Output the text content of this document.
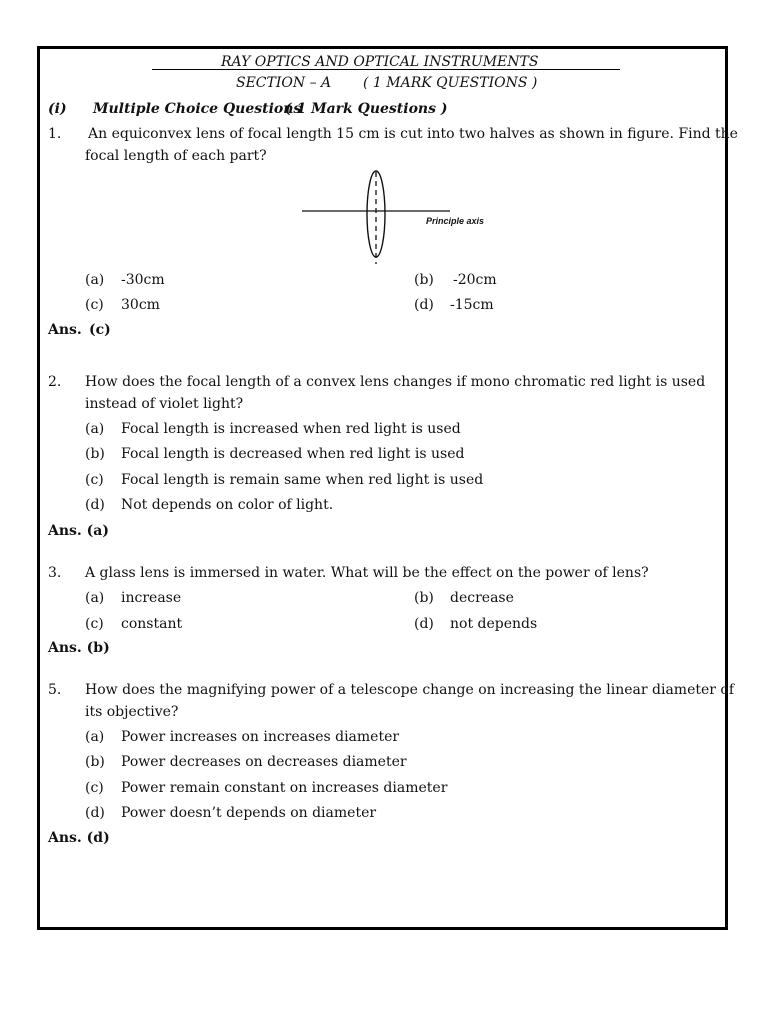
RAY OPTICS AND OPTICAL INSTRUMENTS
SECTION – A ( 1 MARK QUESTIONS )
(i) Multiple Choice Questions
( 1 Mark Questions )
1. An equiconvex lens of focal length 15 cm is cut into two halves as shown in figure. Find the
focal length of each part?
Principle axis
(a) -30cm	(b) -20cm
(c) 30cm	(d) -15cm
Ans. (c)
2. How does the focal length of a convex lens changes if mono chromatic red light is used
instead of violet light?
(a) Focal length is increased when red light is used
(b) Focal length is decreased when red light is used
(c) Focal length is remain same when red light is used
(d) Not depends on color of light.
Ans. (a)
3. A glass lens is immersed in water. What will be the effect on the power of lens?
(a) increase	(b) decrease
(c) constant	(d) not depends
Ans. (b)
5. How does the magnifying power of a telescope change on increasing the linear diameter of
its objective?
(a) Power increases on increases diameter
(b) Power decreases on decreases diameter
(c) Power remain constant on increases diameter
(d) Power doesn’t depends on diameter
Ans. (d)
